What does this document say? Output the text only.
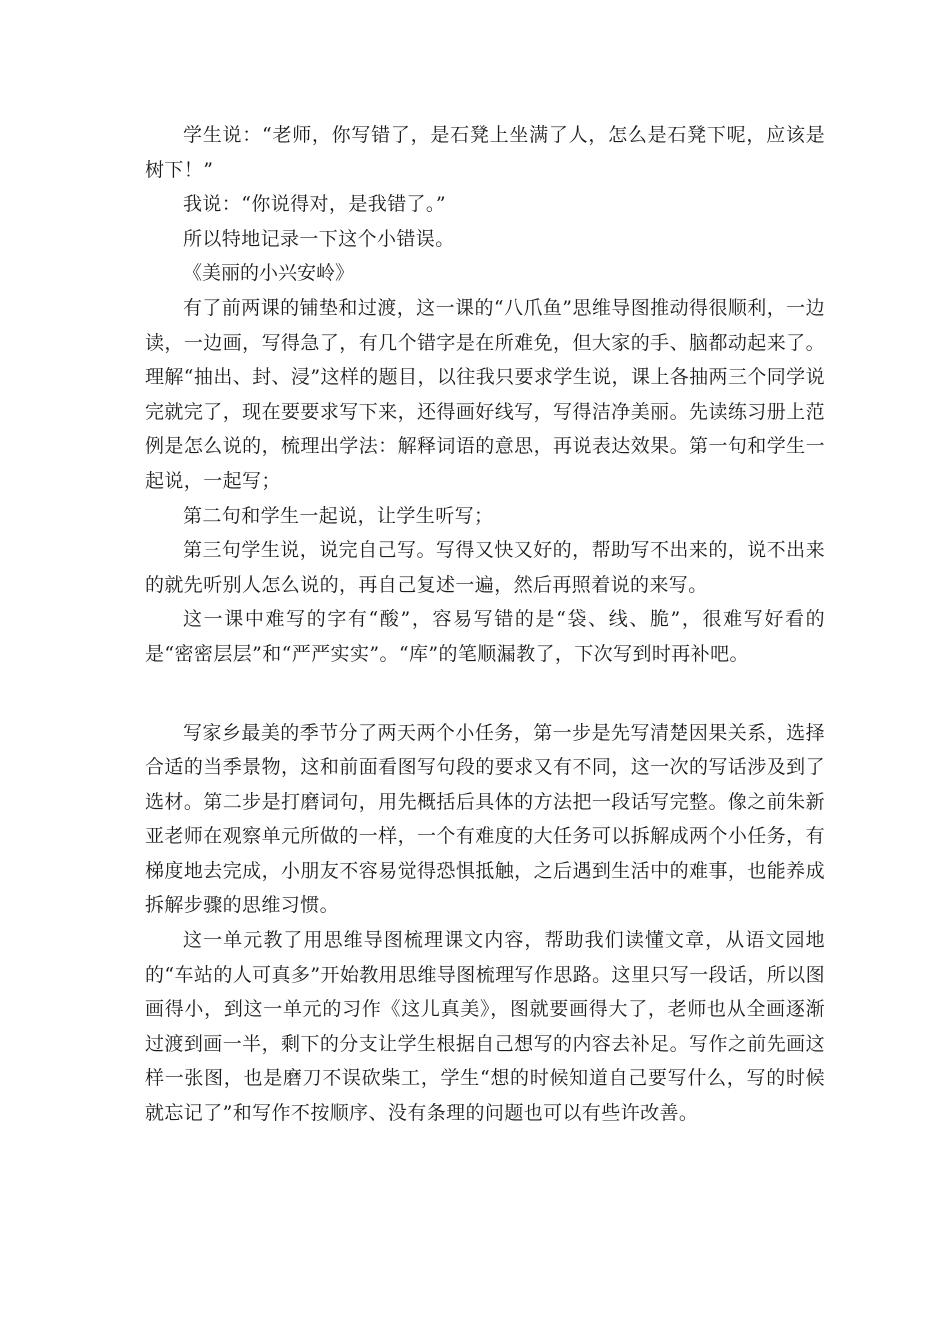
学生说：“老师，你写错了，是石凳上坐满了人，怎么是石凳下呢，应该是树下！”

我说：“你说得对，是我错了。”

所以特地记录一下这个小错误。

《美丽的小兴安岭》

有了前两课的铺垫和过渡，这一课的“八爪鱼”思维导图推动得很顺利，一边读，一边画，写得急了，有几个错字是在所难免，但大家的手、脑都动起来了。理解“抽出、封、浸”这样的题目，以往我只要求学生说，课上各抽两三个同学说完就完了，现在要要求写下来，还得画好线写，写得洁净美丽。先读练习册上范例是怎么说的，梳理出学法：解释词语的意思，再说表达效果。第一句和学生一起说，一起写；

第二句和学生一起说，让学生听写；

第三句学生说，说完自己写。写得又快又好的，帮助写不出来的，说不出来的就先听别人怎么说的，再自己复述一遍，然后再照着说的来写。

这一课中难写的字有“酸”，容易写错的是“袋、线、脆”，很难写好看的是“密密层层”和“严严实实”。“库”的笔顺漏教了，下次写到时再补吧。

写家乡最美的季节分了两天两个小任务，第一步是先写清楚因果关系，选择合适的当季景物，这和前面看图写句段的要求又有不同，这一次的写话涉及到了选材。第二步是打磨词句，用先概括后具体的方法把一段话写完整。像之前朱新亚老师在观察单元所做的一样，一个有难度的大任务可以拆解成两个小任务，有梯度地去完成，小朋友不容易觉得恐惧抵触，之后遇到生活中的难事，也能养成拆解步骤的思维习惯。

这一单元教了用思维导图梳理课文内容，帮助我们读懂文章，从语文园地的“车站的人可真多”开始教用思维导图梳理写作思路。这里只写一段话，所以图画得小，到这一单元的习作《这儿真美》，图就要画得大了，老师也从全画逐渐过渡到画一半，剩下的分支让学生根据自己想写的内容去补足。写作之前先画这样一张图，也是磨刀不误砍柴工，学生“想的时候知道自己要写什么，写的时候就忘记了”和写作不按顺序、没有条理的问题也可以有些许改善。
